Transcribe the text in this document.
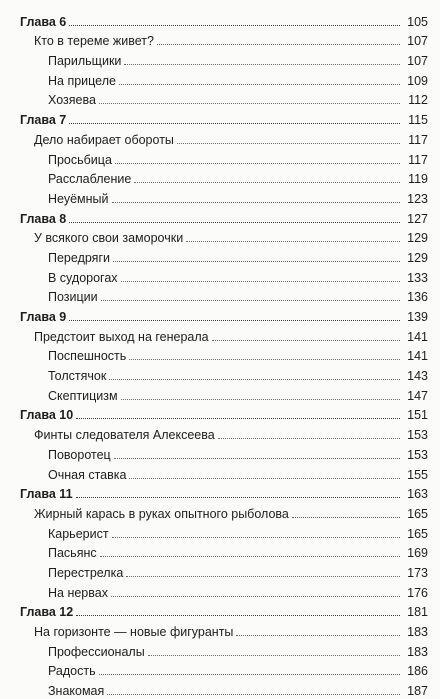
Глава 6	105
Кто в тереме живет?	107
Парильщики	107
На прицеле	109
Хозяева	112
Глава 7	115
Дело набирает обороты	117
Просьбица	117
Расслабление	119
Неуёмный	123
Глава 8	127
У всякого свои заморочки	129
Передряги	129
В судорогах	133
Позиции	136
Глава 9	139
Предстоит выход на генерала	141
Поспешность	141
Толстячок	143
Скептицизм	147
Глава 10	151
Финты следователя Алексеева	153
Поворотец	153
Очная ставка	155
Глава 11	163
Жирный карась в руках опытного рыболова	165
Карьерист	165
Пасьянс	169
Перестрелка	173
На нервах	176
Глава 12	181
На горизонте — новые фигуранты	183
Профессионалы	183
Радость	186
Знакомая	187
